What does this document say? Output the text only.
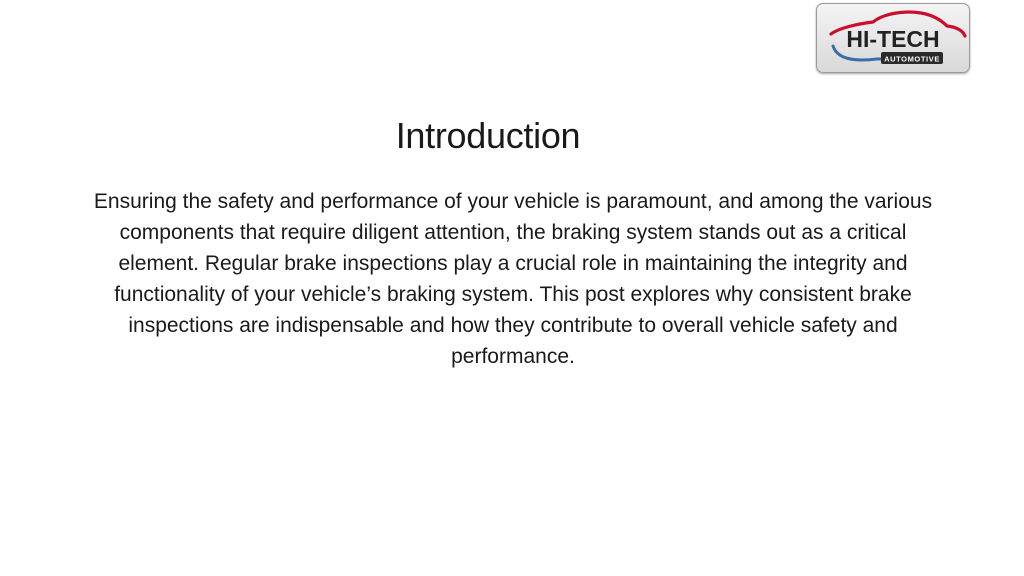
HI-TECH
AUTOMOTIVE
Introduction
Ensuring the safety and performance of your vehicle is paramount, and among the various components that require diligent attention, the braking system stands out as a critical element. Regular brake inspections play a crucial role in maintaining the integrity and functionality of your vehicle’s braking system. This post explores why consistent brake inspections are indispensable and how they contribute to overall vehicle safety and performance.
